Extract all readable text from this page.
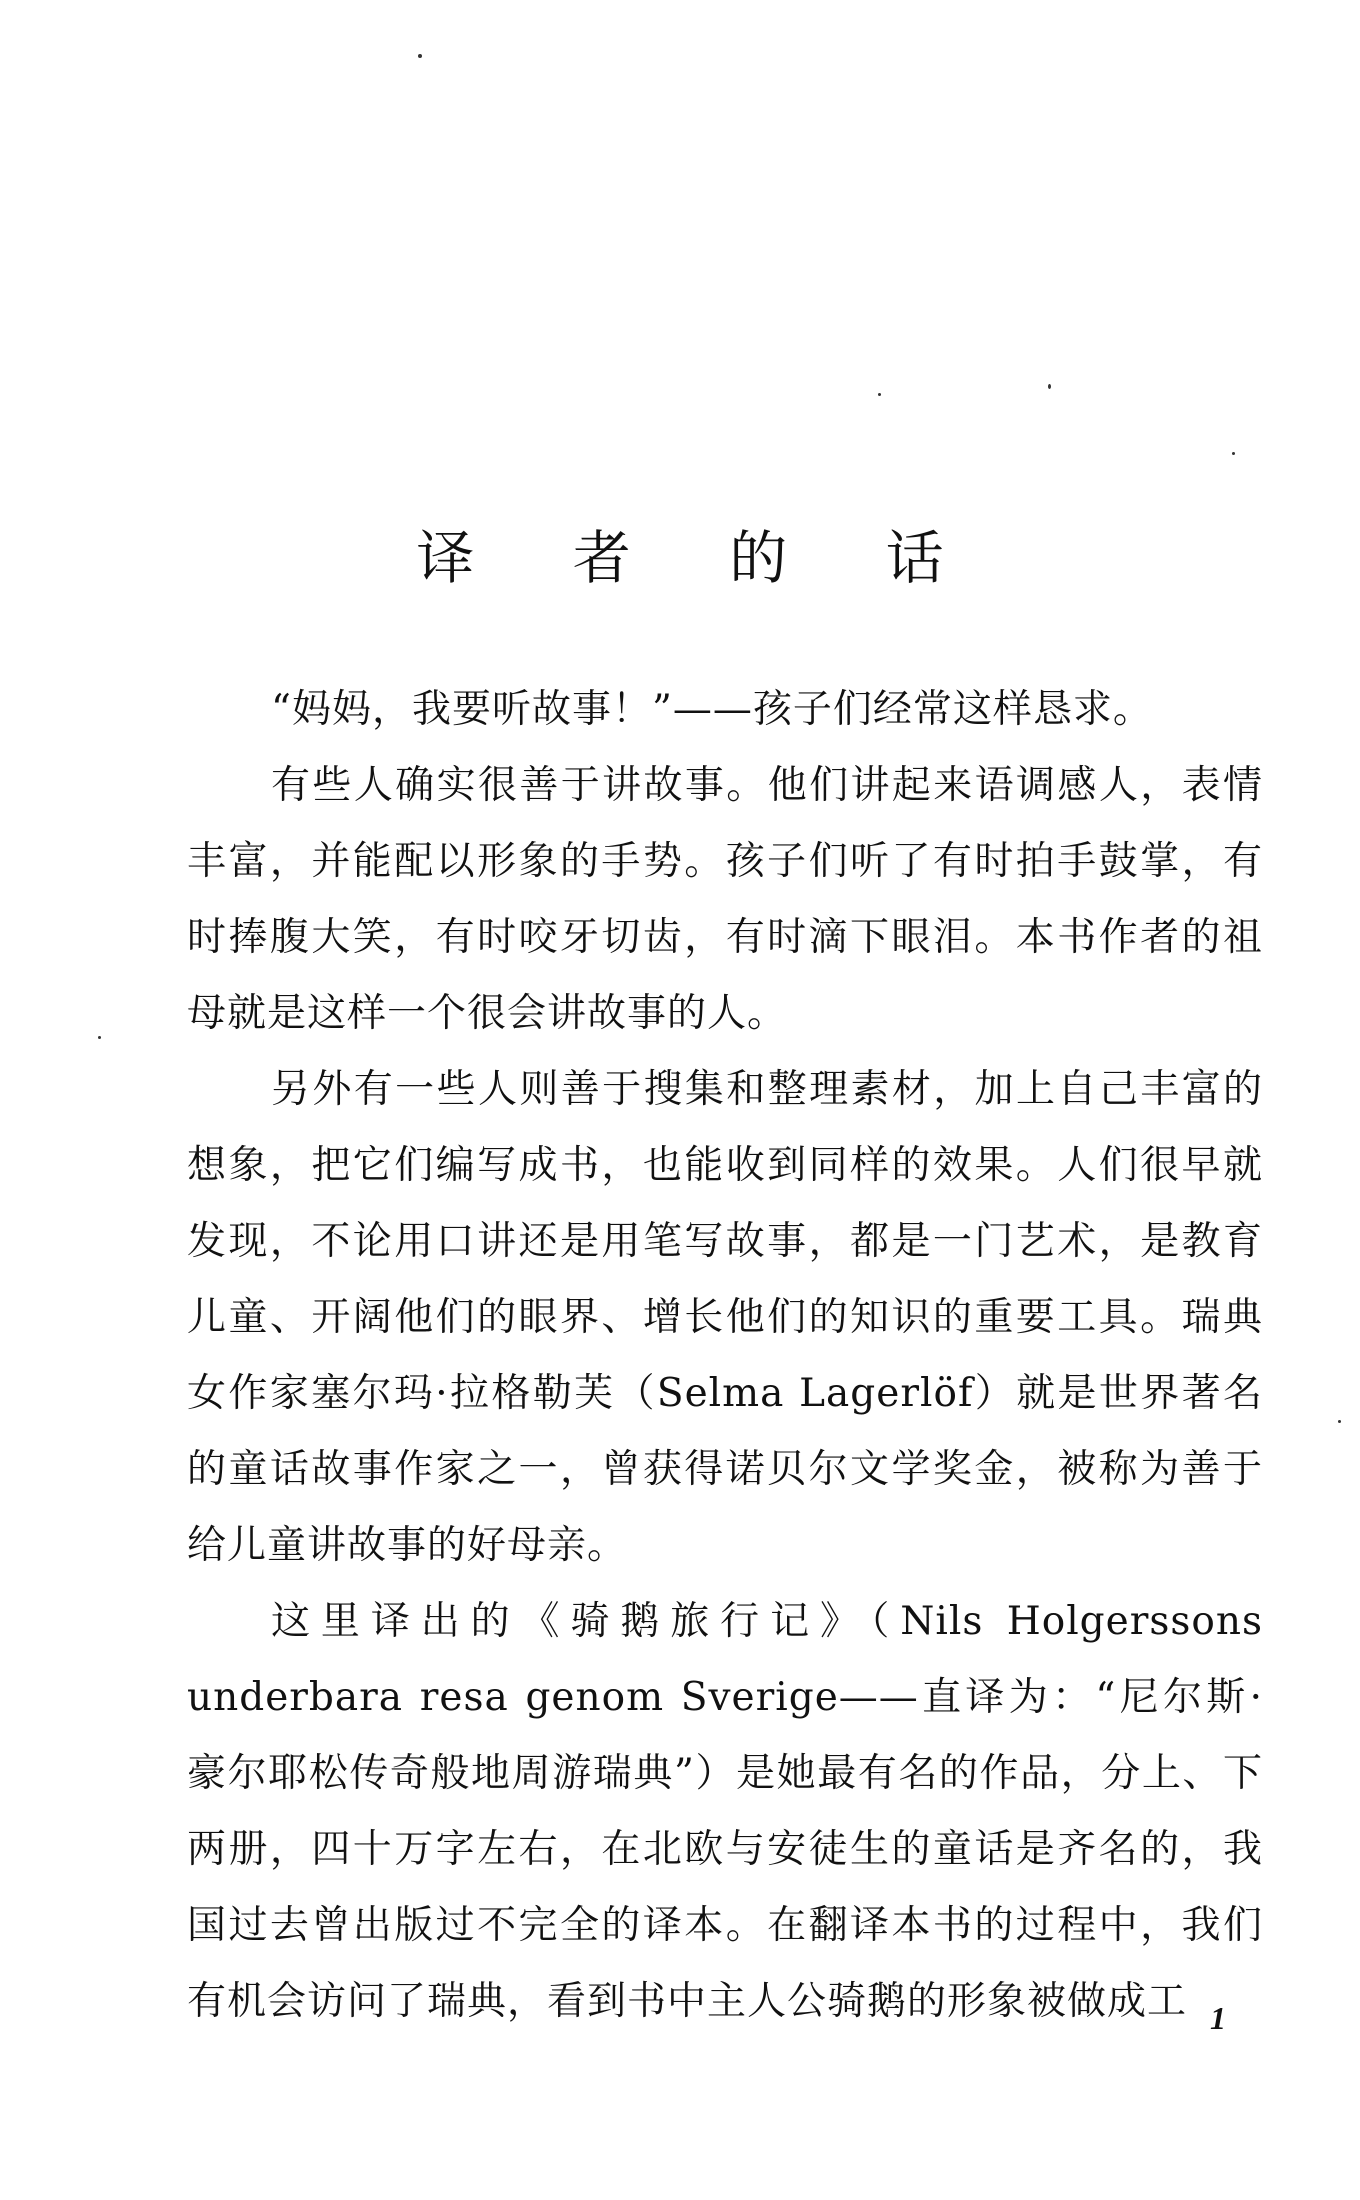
译 者 的 话

“妈妈，我要听故事！”——孩子们经常这样恳求。

有些人确实很善于讲故事。他们讲起来语调感人，表情丰富，并能配以形象的手势。孩子们听了有时拍手鼓掌，有时捧腹大笑，有时咬牙切齿，有时滴下眼泪。本书作者的祖母就是这样一个很会讲故事的人。

另外有一些人则善于搜集和整理素材，加上自己丰富的想象，把它们编写成书，也能收到同样的效果。人们很早就发现，不论用口讲还是用笔写故事，都是一门艺术，是教育儿童、开阔他们的眼界、增长他们的知识的重要工具。瑞典女作家塞尔玛·拉格勒芙（Selma Lagerlöf）就是世界著名的童话故事作家之一，曾获得诺贝尔文学奖金，被称为善于给儿童讲故事的好母亲。

这里译出的《骑鹅旅行记》（Nils Holgerssons underbara resa genom Sverige——直译为：“尼尔斯·豪尔耶松传奇般地周游瑞典”）是她最有名的作品，分上、下两册，四十万字左右，在北欧与安徒生的童话是齐名的，我国过去曾出版过不完全的译本。在翻译本书的过程中，我们有机会访问了瑞典，看到书中主人公骑鹅的形象被做成工 1
